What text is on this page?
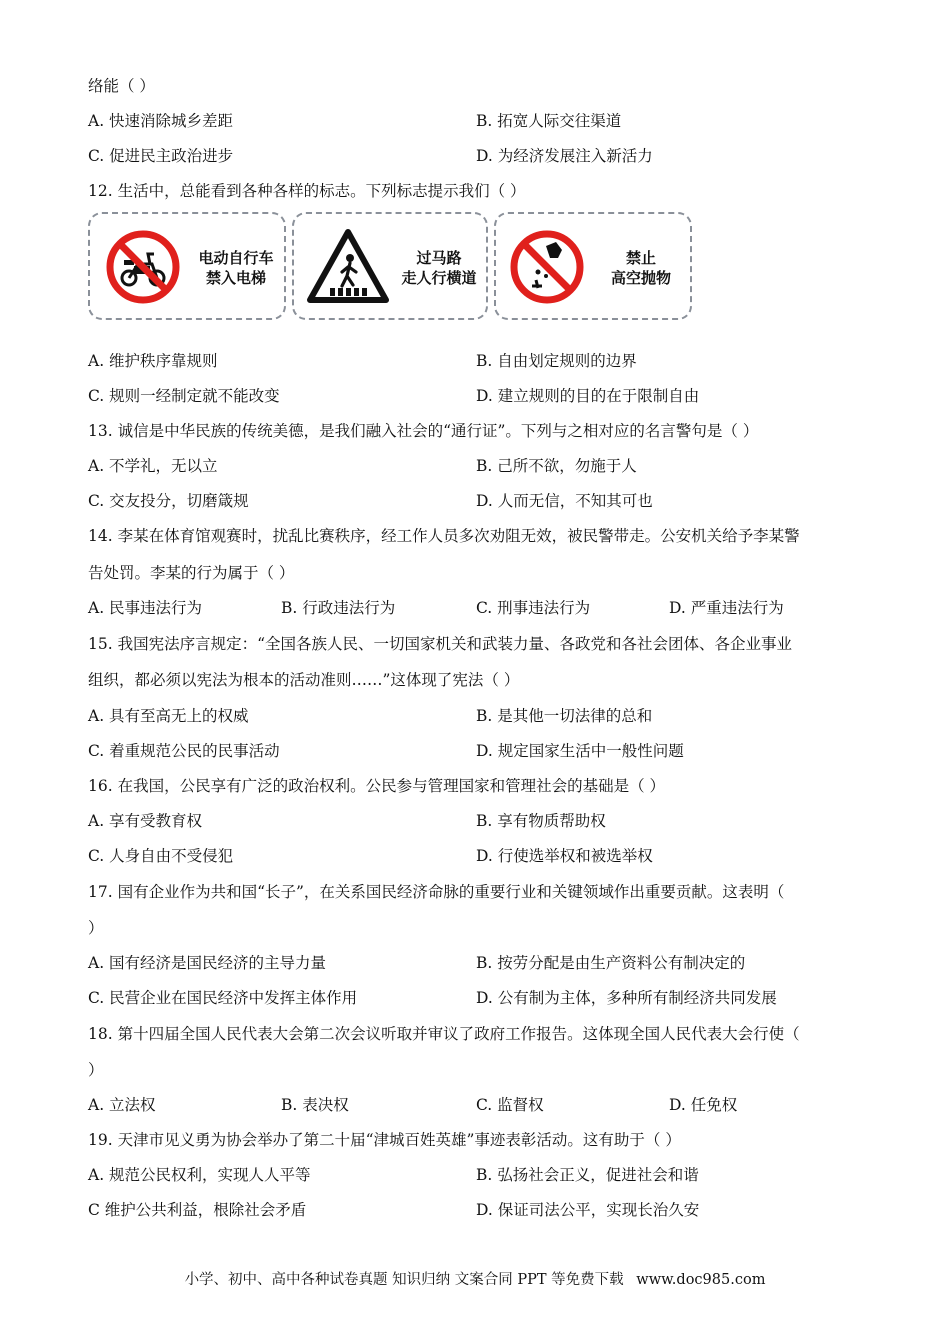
络能（ ）
A. 快速消除城乡差距	B. 拓宽人际交往渠道
C. 促进民主政治进步	D. 为经济发展注入新活力
12. 生活中，总能看到各种各样的标志。下列标志提示我们（ ）
电动自行车
禁入电梯
过马路
走人行横道
禁止
高空抛物
A. 维护秩序靠规则	B. 自由划定规则的边界
C. 规则一经制定就不能改变	D. 建立规则的目的在于限制自由
13. 诚信是中华民族的传统美德，是我们融入社会的“通行证”。下列与之相对应的名言警句是（ ）
A. 不学礼，无以立	B. 己所不欲，勿施于人
C. 交友投分，切磨箴规	D. 人而无信，不知其可也
14. 李某在体育馆观赛时，扰乱比赛秩序，经工作人员多次劝阻无效，被民警带走。公安机关给予李某警
告处罚。李某的行为属于（ ）
A. 民事违法行为	B. 行政违法行为	C. 刑事违法行为	D. 严重违法行为
15. 我国宪法序言规定：“全国各族人民、一切国家机关和武装力量、各政党和各社会团体、各企业事业
组织，都必须以宪法为根本的活动准则……”这体现了宪法（ ）
A. 具有至高无上的权威	B. 是其他一切法律的总和
C. 着重规范公民的民事活动	D. 规定国家生活中一般性问题
16. 在我国，公民享有广泛的政治权利。公民参与管理国家和管理社会的基础是（ ）
A. 享有受教育权	B. 享有物质帮助权
C. 人身自由不受侵犯	D. 行使选举权和被选举权
17. 国有企业作为共和国“长子”，在关系国民经济命脉的重要行业和关键领域作出重要贡献。这表明（
）
A. 国有经济是国民经济的主导力量	B. 按劳分配是由生产资料公有制决定的
C. 民营企业在国民经济中发挥主体作用	D. 公有制为主体，多种所有制经济共同发展
18. 第十四届全国人民代表大会第二次会议听取并审议了政府工作报告。这体现全国人民代表大会行使（
）
A. 立法权	B. 表决权	C. 监督权	D. 任免权
19. 天津市见义勇为协会举办了第二十届“津城百姓英雄”事迹表彰活动。这有助于（ ）
A. 规范公民权利，实现人人平等	B. 弘扬社会正义，促进社会和谐
C 维护公共利益，根除社会矛盾	D. 保证司法公平，实现长治久安
小学、初中、高中各种试卷真题 知识归纳 文案合同 PPT 等免费下载 www.doc985.com
